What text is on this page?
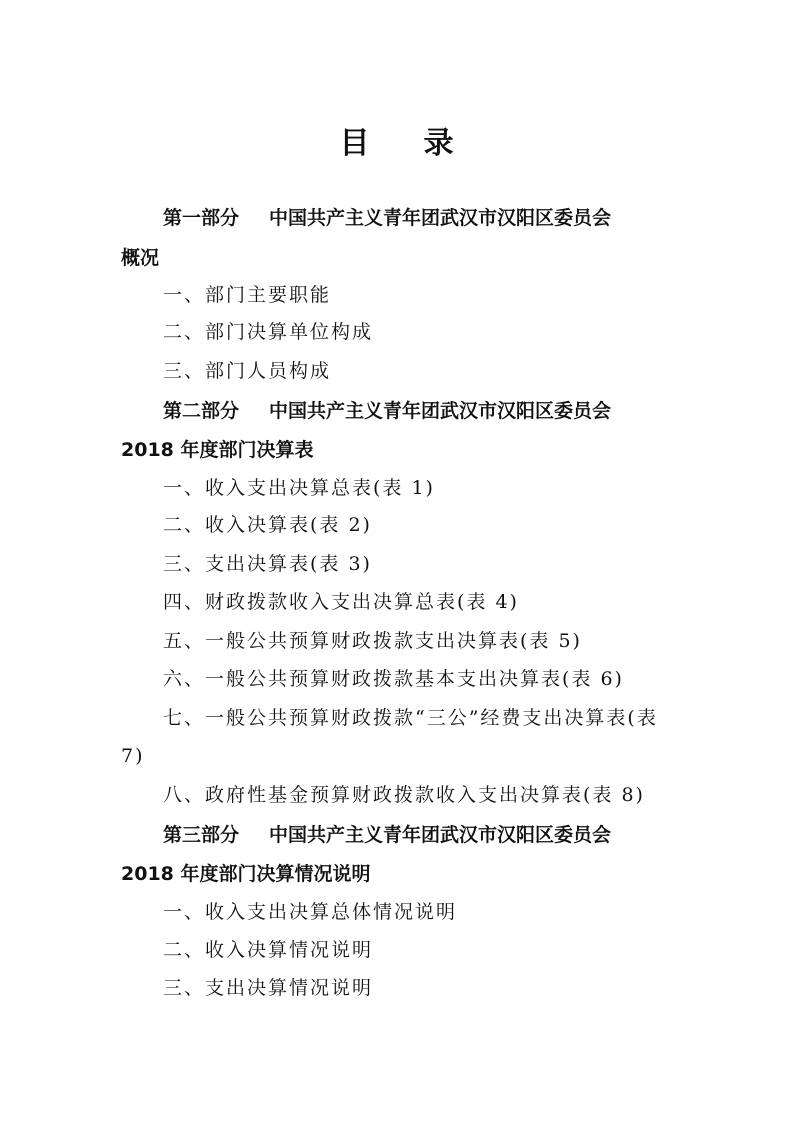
目录
第一部分 中国共产主义青年团武汉市汉阳区委员会
概况
一、部门主要职能
二、部门决算单位构成
三、部门人员构成
第二部分 中国共产主义青年团武汉市汉阳区委员会
2018 年度部门决算表
一、收入支出决算总表(表 1)
二、收入决算表(表 2)
三、支出决算表(表 3)
四、财政拨款收入支出决算总表(表 4)
五、一般公共预算财政拨款支出决算表(表 5)
六、一般公共预算财政拨款基本支出决算表(表 6)
七、一般公共预算财政拨款“三公”经费支出决算表(表
7)
八、政府性基金预算财政拨款收入支出决算表(表 8)
第三部分 中国共产主义青年团武汉市汉阳区委员会
2018 年度部门决算情况说明
一、收入支出决算总体情况说明
二、收入决算情况说明
三、支出决算情况说明
